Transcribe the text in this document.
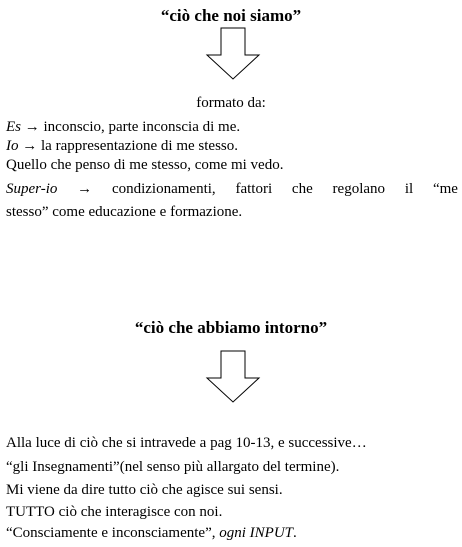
“ciò che noi siamo”
formato da:
Es → inconscio, parte inconscia di me.
Io → la rappresentazione di me stesso.
Quello che penso di me stesso, come mi vedo.
Super-io → condizionamenti, fattori che regolano il “me
stesso” come educazione e formazione.
“ciò che abbiamo intorno”
Alla luce di ciò che si intravede a pag 10-13, e successive…
“gli Insegnamenti”(nel senso più allargato del termine).
Mi viene da dire tutto ciò che agisce sui sensi.
TUTTO ciò che interagisce con noi.
“Consciamente e inconsciamente”, ogni INPUT.
